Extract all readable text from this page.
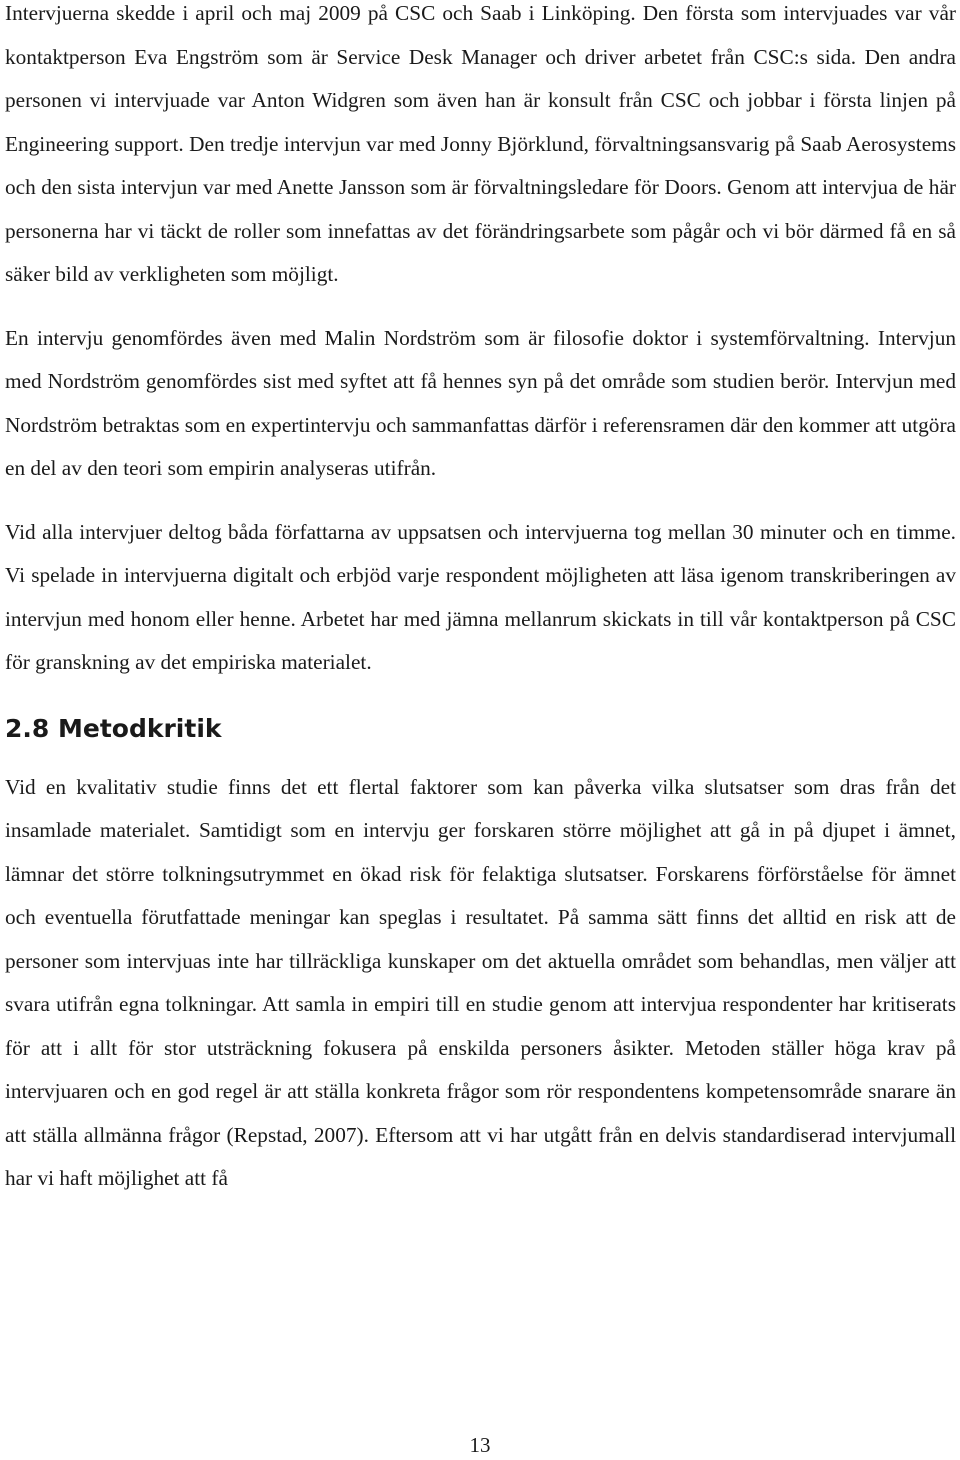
Intervjuerna skedde i april och maj 2009 på CSC och Saab i Linköping. Den första som intervjuades var vår kontaktperson Eva Engström som är Service Desk Manager och driver arbetet från CSC:s sida. Den andra personen vi intervjuade var Anton Widgren som även han är konsult från CSC och jobbar i första linjen på Engineering support. Den tredje intervjun var med Jonny Björklund, förvaltningsansvarig på Saab Aerosystems och den sista intervjun var med Anette Jansson som är förvaltningsledare för Doors. Genom att intervjua de här personerna har vi täckt de roller som innefattas av det förändringsarbete som pågår och vi bör därmed få en så säker bild av verkligheten som möjligt.

En intervju genomfördes även med Malin Nordström som är filosofie doktor i systemförvaltning. Intervjun med Nordström genomfördes sist med syftet att få hennes syn på det område som studien berör. Intervjun med Nordström betraktas som en expertintervju och sammanfattas därför i referensramen där den kommer att utgöra en del av den teori som empirin analyseras utifrån.

Vid alla intervjuer deltog båda författarna av uppsatsen och intervjuerna tog mellan 30 minuter och en timme. Vi spelade in intervjuerna digitalt och erbjöd varje respondent möjligheten att läsa igenom transkriberingen av intervjun med honom eller henne. Arbetet har med jämna mellanrum skickats in till vår kontaktperson på CSC för granskning av det empiriska materialet.

2.8 Metodkritik

Vid en kvalitativ studie finns det ett flertal faktorer som kan påverka vilka slutsatser som dras från det insamlade materialet. Samtidigt som en intervju ger forskaren större möjlighet att gå in på djupet i ämnet, lämnar det större tolkningsutrymmet en ökad risk för felaktiga slutsatser. Forskarens förförståelse för ämnet och eventuella förutfattade meningar kan speglas i resultatet. På samma sätt finns det alltid en risk att de personer som intervjuas inte har tillräckliga kunskaper om det aktuella området som behandlas, men väljer att svara utifrån egna tolkningar. Att samla in empiri till en studie genom att intervjua respondenter har kritiserats för att i allt för stor utsträckning fokusera på enskilda personers åsikter. Metoden ställer höga krav på intervjuaren och en god regel är att ställa konkreta frågor som rör respondentens kompetensområde snarare än att ställa allmänna frågor (Repstad, 2007). Eftersom att vi har utgått från en delvis standardiserad intervjumall har vi haft möjlighet att få

13
